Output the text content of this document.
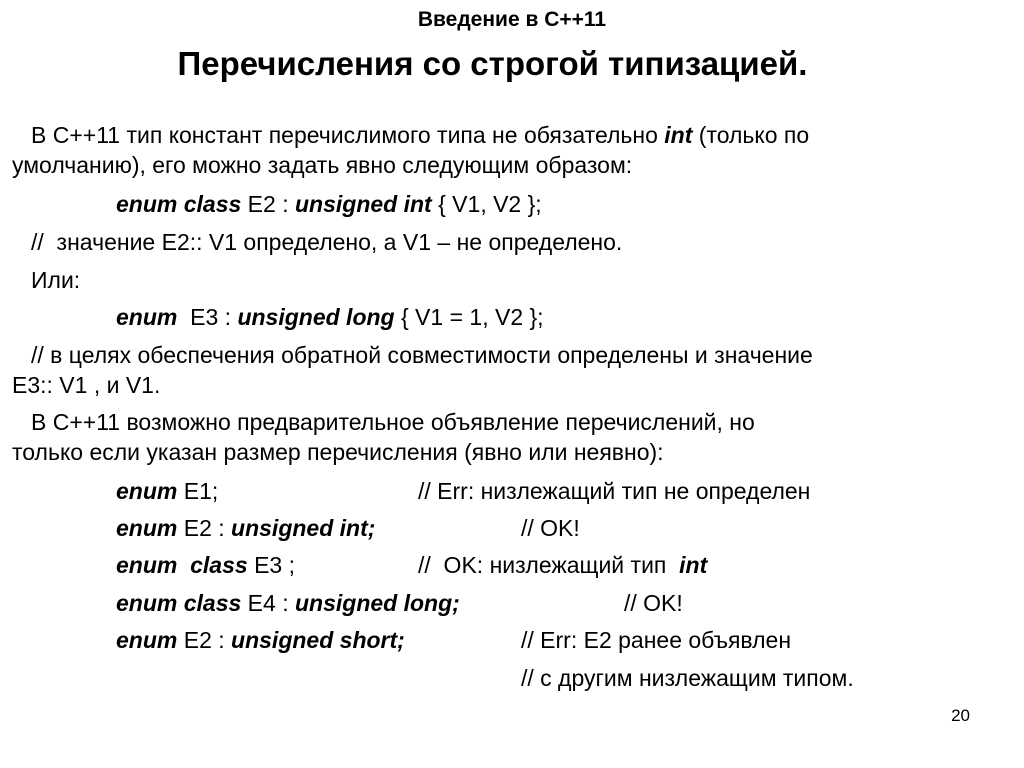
Введение в С++11
Перечисления со строгой типизацией.
В С++11 тип констант перечислимого типа не обязательно int (только по
умолчанию), его можно задать явно следующим образом:
enum class E2 : unsigned int { V1, V2 };
//  значение E2:: V1 определено, а V1 – не определено.
Или:
enum  E3 : unsigned long { V1 = 1, V2 };
// в целях обеспечения обратной совместимости определены и значение
E3:: V1 , и V1.
В С++11 возможно предварительное объявление перечислений, но
только если указан размер перечисления (явно или неявно):
enum E1;	// Err: низлежащий тип не определен
enum E2 : unsigned int;	// OK!
enum  class E3 ;	//  OK: низлежащий тип  int
enum class E4 : unsigned long;	// OK!
enum E2 : unsigned short;	// Err: E2 ранее объявлен
// с другим низлежащим типом.
20
